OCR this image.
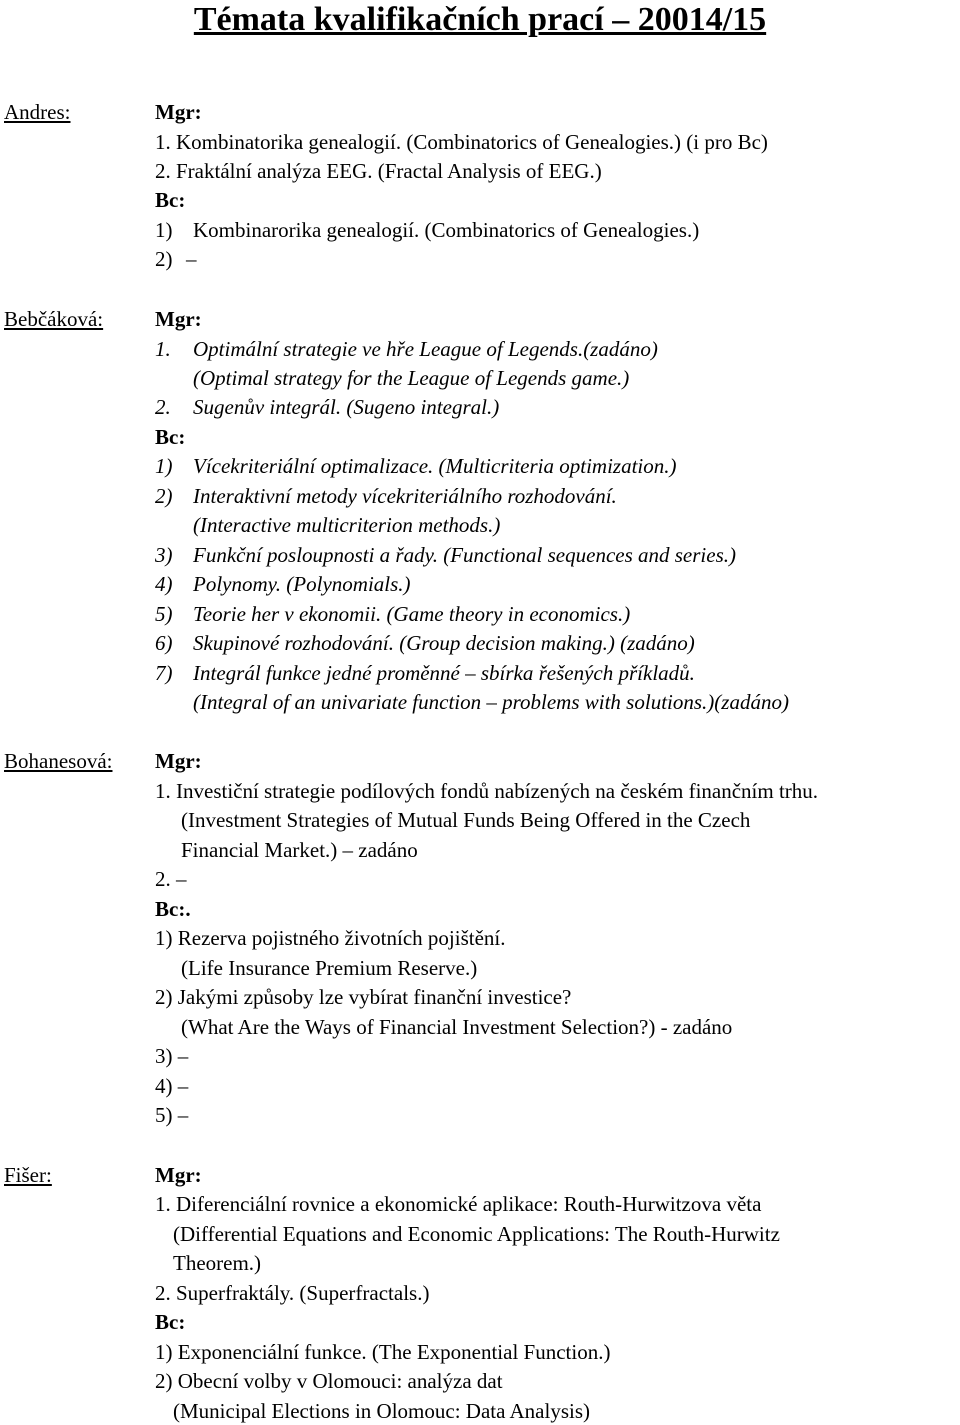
Témata kvalifikačních prací – 20014/15
Andres:	Mgr:
1. Kombinatorika genealogií. (Combinatorics of Genealogies.) (i pro Bc)
2. Fraktální analýza EEG. (Fractal Analysis of EEG.)
Bc:
1) Kombinarorika genealogií. (Combinatorics of Genealogies.)
2) –
Bebčáková: Mgr:
1. Optimální strategie ve hře League of Legends.(zadáno)
(Optimal strategy for the League of Legends game.)
2. Sugenův integrál. (Sugeno integral.)
Bc:
1) Vícekriteriální optimalizace. (Multicriteria optimization.)
2) Interaktivní metody vícekriteriálního rozhodování.
(Interactive multicriterion methods.)
3) Funkční posloupnosti a řady. (Functional sequences and series.)
4) Polynomy. (Polynomials.)
5) Teorie her v ekonomii. (Game theory in economics.)
6) Skupinové rozhodování. (Group decision making.) (zadáno)
7) Integrál funkce jedné proměnné – sbírka řešených příkladů.
(Integral of an univariate function – problems with solutions.)(zadáno)
Bohanesová: Mgr:
1. Investiční strategie podílových fondů nabízených na českém finančním trhu.
(Investment Strategies of Mutual Funds Being Offered in the Czech
Financial Market.) – zadáno
2. –
Bc:.
1) Rezerva pojistného životních pojištění.
(Life Insurance Premium Reserve.)
2) Jakými způsoby lze vybírat finanční investice?
(What Are the Ways of Financial Investment Selection?) - zadáno
3) –
4) –
5) –
Fišer:	Mgr:
1. Diferenciální rovnice a ekonomické aplikace: Routh-Hurwitzova věta
(Differential Equations and Economic Applications: The Routh-Hurwitz
Theorem.)
2. Superfraktály. (Superfractals.)
Bc:
1) Exponenciální funkce. (The Exponential Function.)
2) Obecní volby v Olomouci: analýza dat
(Municipal Elections in Olomouc: Data Analysis)
